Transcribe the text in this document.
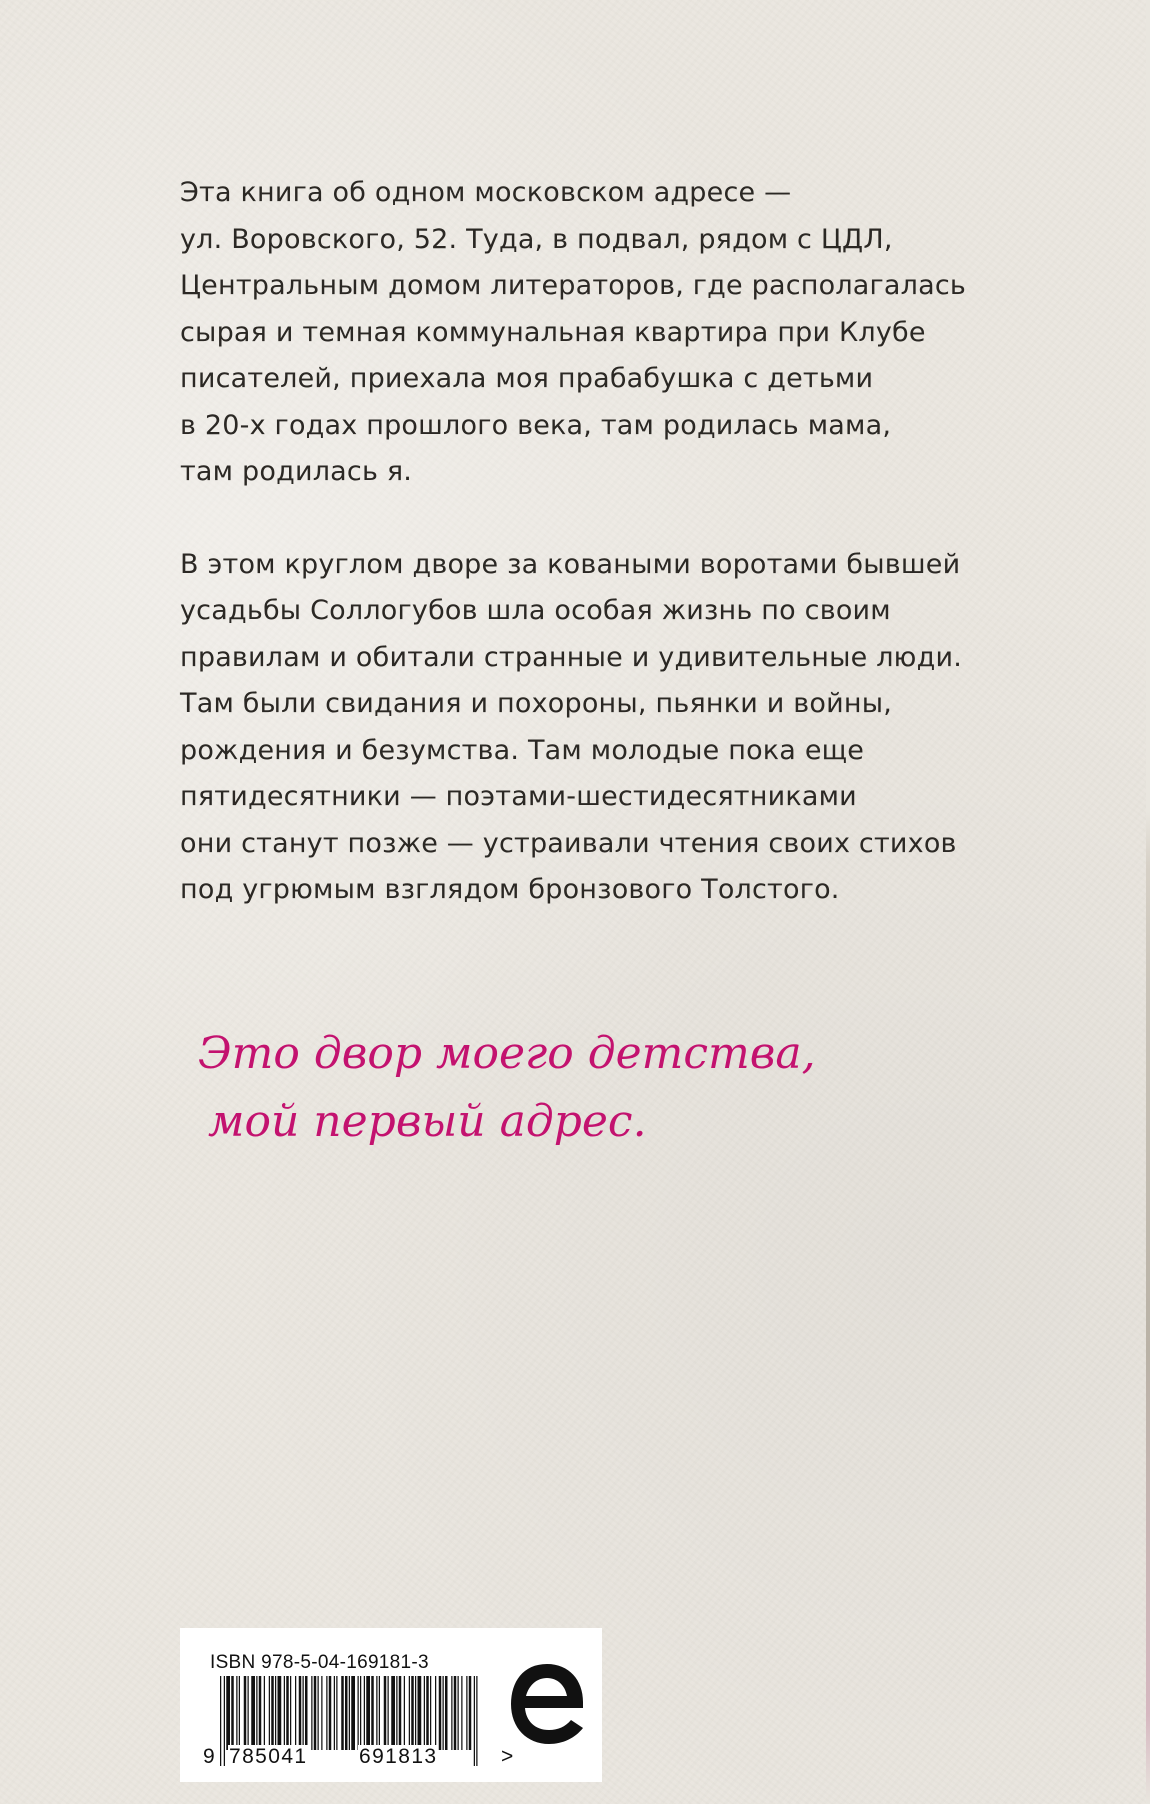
Эта книга об одном московском адресе —
ул. Воровского, 52. Туда, в подвал, рядом с ЦДЛ,
Центральным домом литераторов, где располагалась
сырая и темная коммунальная квартира при Клубе
писателей, приехала моя прабабушка с детьми
в 20-х годах прошлого века, там родилась мама,
там родилась я.

В этом круглом дворе за коваными воротами бывшей
усадьбы Соллогубов шла особая жизнь по своим
правилам и обитали странные и удивительные люди.
Там были свидания и похороны, пьянки и войны,
рождения и безумства. Там молодые пока еще
пятидесятники — поэтами-шестидесятниками
они станут позже — устраивали чтения своих стихов
под угрюмым взглядом бронзового Толстого.

Это двор моего детства,
мой первый адрес.
ISBN 978-5-04-169181-3
9 785041 691813	>
